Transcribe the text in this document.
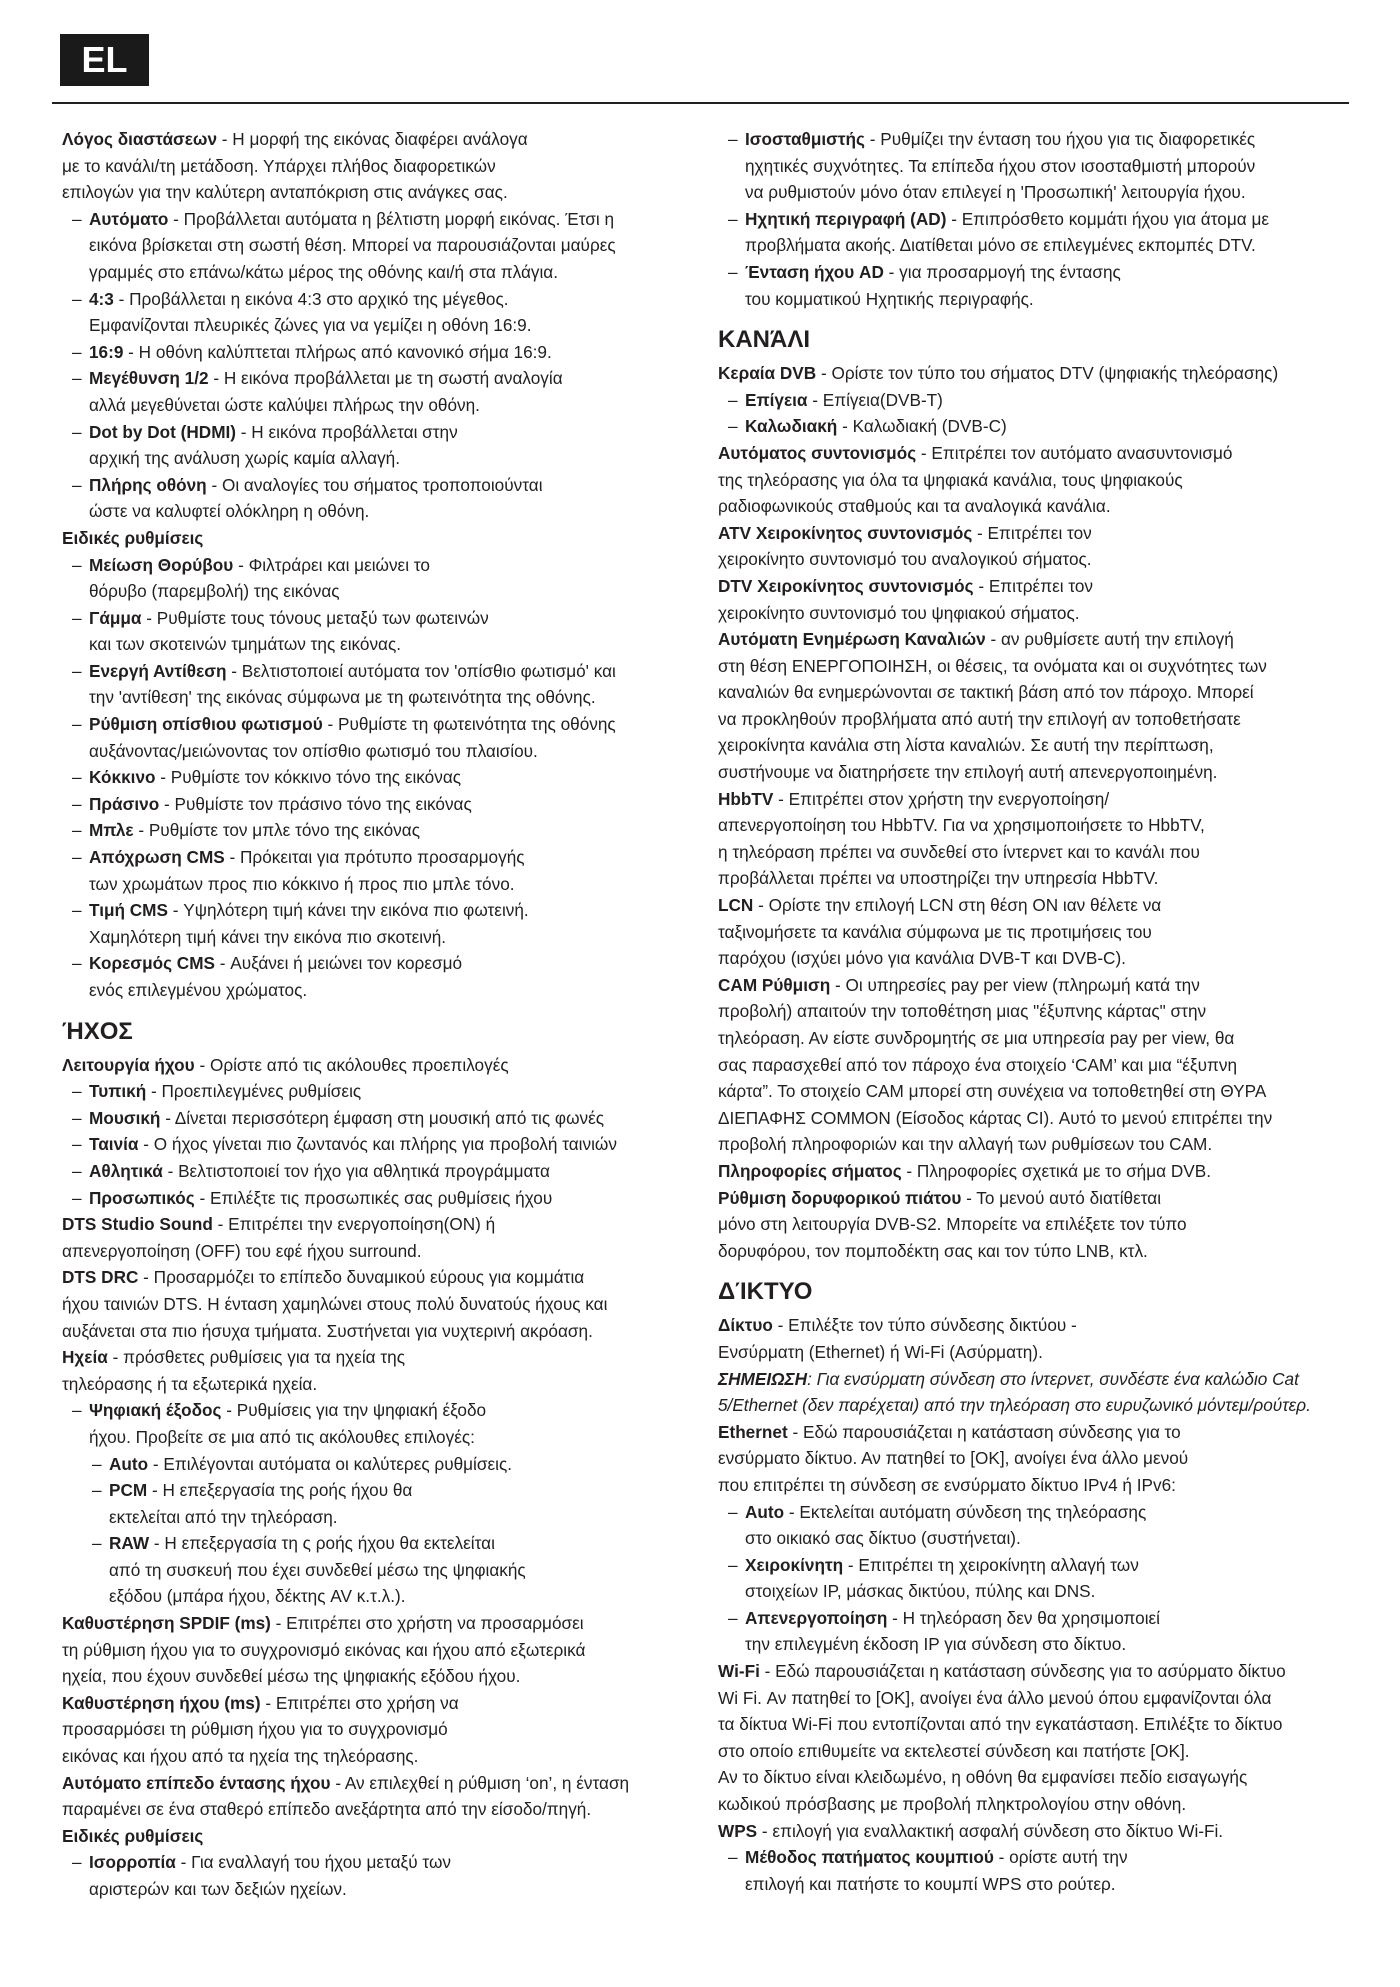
EL
Λόγος διαστάσεων - Η μορφή της εικόνας διαφέρει ανάλογα
με το κανάλι/τη μετάδοση. Υπάρχει πλήθος διαφορετικών
επιλογών για την καλύτερη ανταπόκριση στις ανάγκες σας.
– Αυτόματο - Προβάλλεται αυτόματα η βέλτιστη μορφή εικόνας. Έτσι η
εικόνα βρίσκεται στη σωστή θέση. Μπορεί να παρουσιάζονται μαύρες
γραμμές στο επάνω/κάτω μέρος της οθόνης και/ή στα πλάγια.
– 4:3 - Προβάλλεται η εικόνα 4:3 στο αρχικό της μέγεθος.
Εμφανίζονται πλευρικές ζώνες για να γεμίζει η οθόνη 16:9.
– 16:9 - Η οθόνη καλύπτεται πλήρως από κανονικό σήμα 16:9.
– Μεγέθυνση 1/2 - Η εικόνα προβάλλεται με τη σωστή αναλογία
αλλά μεγεθύνεται ώστε καλύψει πλήρως την οθόνη.
– Dot by Dot (HDMI) - Η εικόνα προβάλλεται στην
αρχική της ανάλυση χωρίς καμία αλλαγή.
– Πλήρης οθόνη - Οι αναλογίες του σήματος τροποποιούνται
ώστε να καλυφτεί ολόκληρη η οθόνη.
Ειδικές ρυθμίσεις
– Μείωση Θορύβου - Φιλτράρει και μειώνει το
θόρυβο (παρεμβολή) της εικόνας
– Γάμμα - Ρυθμίστε τους τόνους μεταξύ των φωτεινών
και των σκοτεινών τμημάτων της εικόνας.
– Ενεργή Αντίθεση - Βελτιστοποιεί αυτόματα τον 'οπίσθιο φωτισμό' και
την 'αντίθεση' της εικόνας σύμφωνα με τη φωτεινότητα της οθόνης.
– Ρύθμιση οπίσθιου φωτισμού - Ρυθμίστε τη φωτεινότητα της οθόνης
αυξάνοντας/μειώνοντας τον οπίσθιο φωτισμό του πλαισίου.
– Κόκκινο - Ρυθμίστε τον κόκκινο τόνο της εικόνας
– Πράσινο - Ρυθμίστε τον πράσινο τόνο της εικόνας
– Μπλε - Ρυθμίστε τον μπλε τόνο της εικόνας
– Απόχρωση CMS - Πρόκειται για πρότυπο προσαρμογής
των χρωμάτων προς πιο κόκκινο ή προς πιο μπλε τόνο.
– Τιμή CMS - Υψηλότερη τιμή κάνει την εικόνα πιο φωτεινή.
Χαμηλότερη τιμή κάνει την εικόνα πιο σκοτεινή.
– Κορεσμός CMS - Αυξάνει ή μειώνει τον κορεσμό
ενός επιλεγμένου χρώματος.
ΉΧΟΣ
Λειτουργία ήχου - Ορίστε από τις ακόλουθες προεπιλογές
– Τυπική - Προεπιλεγμένες ρυθμίσεις
– Μουσική - Δίνεται περισσότερη έμφαση στη μουσική από τις φωνές
– Ταινία - Ο ήχος γίνεται πιο ζωντανός και πλήρης για προβολή ταινιών
– Αθλητικά - Βελτιστοποιεί τον ήχο για αθλητικά προγράμματα
– Προσωπικός - Επιλέξτε τις προσωπικές σας ρυθμίσεις ήχου
DTS Studio Sound - Επιτρέπει την ενεργοποίηση(ON) ή
απενεργοποίηση (OFF) του εφέ ήχου surround.
DTS DRC - Προσαρμόζει το επίπεδο δυναμικού εύρους για κομμάτια
ήχου ταινιών DTS. Η ένταση χαμηλώνει στους πολύ δυνατούς ήχους και
αυξάνεται στα πιο ήσυχα τμήματα. Συστήνεται για νυχτερινή ακρόαση.
Ηχεία - πρόσθετες ρυθμίσεις για τα ηχεία της
τηλεόρασης ή τα εξωτερικά ηχεία.
– Ψηφιακή έξοδος - Ρυθμίσεις για την ψηφιακή έξοδο
ήχου. Προβείτε σε μια από τις ακόλουθες επιλογές:
– Auto - Επιλέγονται αυτόματα οι καλύτερες ρυθμίσεις.
– PCM - Η επεξεργασία της ροής ήχου θα
εκτελείται από την τηλεόραση.
– RAW - Η επεξεργασία τη ς ροής ήχου θα εκτελείται
από τη συσκευή που έχει συνδεθεί μέσω της ψηφιακής
εξόδου (μπάρα ήχου, δέκτης AV κ.τ.λ.).
Καθυστέρηση SPDIF (ms) - Επιτρέπει στο χρήστη να προσαρμόσει
τη ρύθμιση ήχου για το συγχρονισμό εικόνας και ήχου από εξωτερικά
ηχεία, που έχουν συνδεθεί μέσω της ψηφιακής εξόδου ήχου.
Καθυστέρηση ήχου (ms) - Επιτρέπει στο χρήση να
προσαρμόσει τη ρύθμιση ήχου για το συγχρονισμό
εικόνας και ήχου από τα ηχεία της τηλεόρασης.
Αυτόματο επίπεδο έντασης ήχου - Αν επιλεχθεί η ρύθμιση ‘on’, η ένταση
παραμένει σε ένα σταθερό επίπεδο ανεξάρτητα από την είσοδο/πηγή.
Ειδικές ρυθμίσεις
– Ισορροπία - Για εναλλαγή του ήχου μεταξύ των
αριστερών και των δεξιών ηχείων.
– Ισοσταθμιστής - Ρυθμίζει την ένταση του ήχου για τις διαφορετικές
ηχητικές συχνότητες. Τα επίπεδα ήχου στον ισοσταθμιστή μπορούν
να ρυθμιστούν μόνο όταν επιλεγεί η 'Προσωπική' λειτουργία ήχου.
– Ηχητική περιγραφή (AD) - Επιπρόσθετο κομμάτι ήχου για άτομα με
προβλήματα ακοής. Διατίθεται μόνο σε επιλεγμένες εκπομπές DTV.
– Ένταση ήχου AD - για προσαρμογή της έντασης
του κομματικού Ηχητικής περιγραφής.
ΚΑΝΆΛΙ
Κεραία DVB - Ορίστε τον τύπο του σήματος DTV (ψηφιακής τηλεόρασης)
– Επίγεια - Επίγεια(DVB-T)
– Καλωδιακή - Καλωδιακή (DVB-C)
Αυτόματος συντονισμός - Επιτρέπει τον αυτόματο ανασυντονισμό
της τηλεόρασης για όλα τα ψηφιακά κανάλια, τους ψηφιακούς
ραδιοφωνικούς σταθμούς και τα αναλογικά κανάλια.
ATV Χειροκίνητος συντονισμός - Επιτρέπει τον
χειροκίνητο συντονισμό του αναλογικού σήματος.
DTV Χειροκίνητος συντονισμός - Επιτρέπει τον
χειροκίνητο συντονισμό του ψηφιακού σήματος.
Αυτόματη Ενημέρωση Καναλιών - αν ρυθμίσετε αυτή την επιλογή
στη θέση ΕΝΕΡΓΟΠΟΙΗΣΗ, οι θέσεις, τα ονόματα και οι συχνότητες των
καναλιών θα ενημερώνονται σε τακτική βάση από τον πάροχο. Μπορεί
να προκληθούν προβλήματα από αυτή την επιλογή αν τοποθετήσατε
χειροκίνητα κανάλια στη λίστα καναλιών. Σε αυτή την περίπτωση,
συστήνουμε να διατηρήσετε την επιλογή αυτή απενεργοποιημένη.
HbbTV - Επιτρέπει στον χρήστη την ενεργοποίηση/
απενεργοποίηση του HbbTV. Για να χρησιμοποιήσετε το HbbTV,
η τηλεόραση πρέπει να συνδεθεί στο ίντερνετ και το κανάλι που
προβάλλεται πρέπει να υποστηρίζει την υπηρεσία HbbTV.
LCN - Ορίστε την επιλογή LCN στη θέση ON ιαν θέλετε να
ταξινομήσετε τα κανάλια σύμφωνα με τις προτιμήσεις του
παρόχου (ισχύει μόνο για κανάλια DVB-T και DVB-C).
CAM Ρύθμιση - Οι υπηρεσίες pay per view (πληρωμή κατά την
προβολή) απαιτούν την τοποθέτηση μιας "έξυπνης κάρτας" στην
τηλεόραση. Αν είστε συνδρομητής σε μια υπηρεσία pay per view, θα
σας παρασχεθεί από τον πάροχο ένα στοιχείο ‘CAM’ και μια “έξυπνη
κάρτα”. Το στοιχείο CAM μπορεί στη συνέχεια να τοποθετηθεί στη ΘΥΡΑ
ΔΙΕΠΑΦΗΣ COMMON (Είσοδος κάρτας CI). Αυτό το μενού επιτρέπει την
προβολή πληροφοριών και την αλλαγή των ρυθμίσεων του CAM.
Πληροφορίες σήματος - Πληροφορίες σχετικά με το σήμα DVB.
Ρύθμιση δορυφορικού πιάτου - Το μενού αυτό διατίθεται
μόνο στη λειτουργία DVB-S2. Μπορείτε να επιλέξετε τον τύπο
δορυφόρου, τον πομποδέκτη σας και τον τύπο LNB, κτλ.
ΔΊΚΤΥΟ
Δίκτυο - Επιλέξτε τον τύπο σύνδεσης δικτύου -
Ενσύρματη (Ethernet) ή Wi-Fi (Ασύρματη).
ΣΗΜΕΙΩΣΗ: Για ενσύρματη σύνδεση στο ίντερνετ, συνδέστε ένα καλώδιο Cat
5/Ethernet (δεν παρέχεται) από την τηλεόραση στο ευρυζωνικό μόντεμ/ρούτερ.
Ethernet - Εδώ παρουσιάζεται η κατάσταση σύνδεσης για το
ενσύρματο δίκτυο. Αν πατηθεί το [OK], ανοίγει ένα άλλο μενού
που επιτρέπει τη σύνδεση σε ενσύρματο δίκτυο IPv4 ή IPv6:
– Auto - Εκτελείται αυτόματη σύνδεση της τηλεόρασης
στο οικιακό σας δίκτυο (συστήνεται).
– Χειροκίνητη - Επιτρέπει τη χειροκίνητη αλλαγή των
στοιχείων IP, μάσκας δικτύου, πύλης και DNS.
– Απενεργοποίηση - Η τηλεόραση δεν θα χρησιμοποιεί
την επιλεγμένη έκδοση IP για σύνδεση στο δίκτυο.
Wi-Fi - Εδώ παρουσιάζεται η κατάσταση σύνδεσης για το ασύρματο δίκτυο
Wi Fi. Αν πατηθεί το [OK], ανοίγει ένα άλλο μενού όπου εμφανίζονται όλα
τα δίκτυα Wi-Fi που εντοπίζονται από την εγκατάσταση. Επιλέξτε το δίκτυο
στο οποίο επιθυμείτε να εκτελεστεί σύνδεση και πατήστε [OK].
Αν το δίκτυο είναι κλειδωμένο, η οθόνη θα εμφανίσει πεδίο εισαγωγής
κωδικού πρόσβασης με προβολή πληκτρολογίου στην οθόνη.
WPS - επιλογή για εναλλακτική ασφαλή σύνδεση στο δίκτυο Wi-Fi.
– Μέθοδος πατήματος κουμπιού - ορίστε αυτή την
επιλογή και πατήστε το κουμπί WPS στο ρούτερ.
